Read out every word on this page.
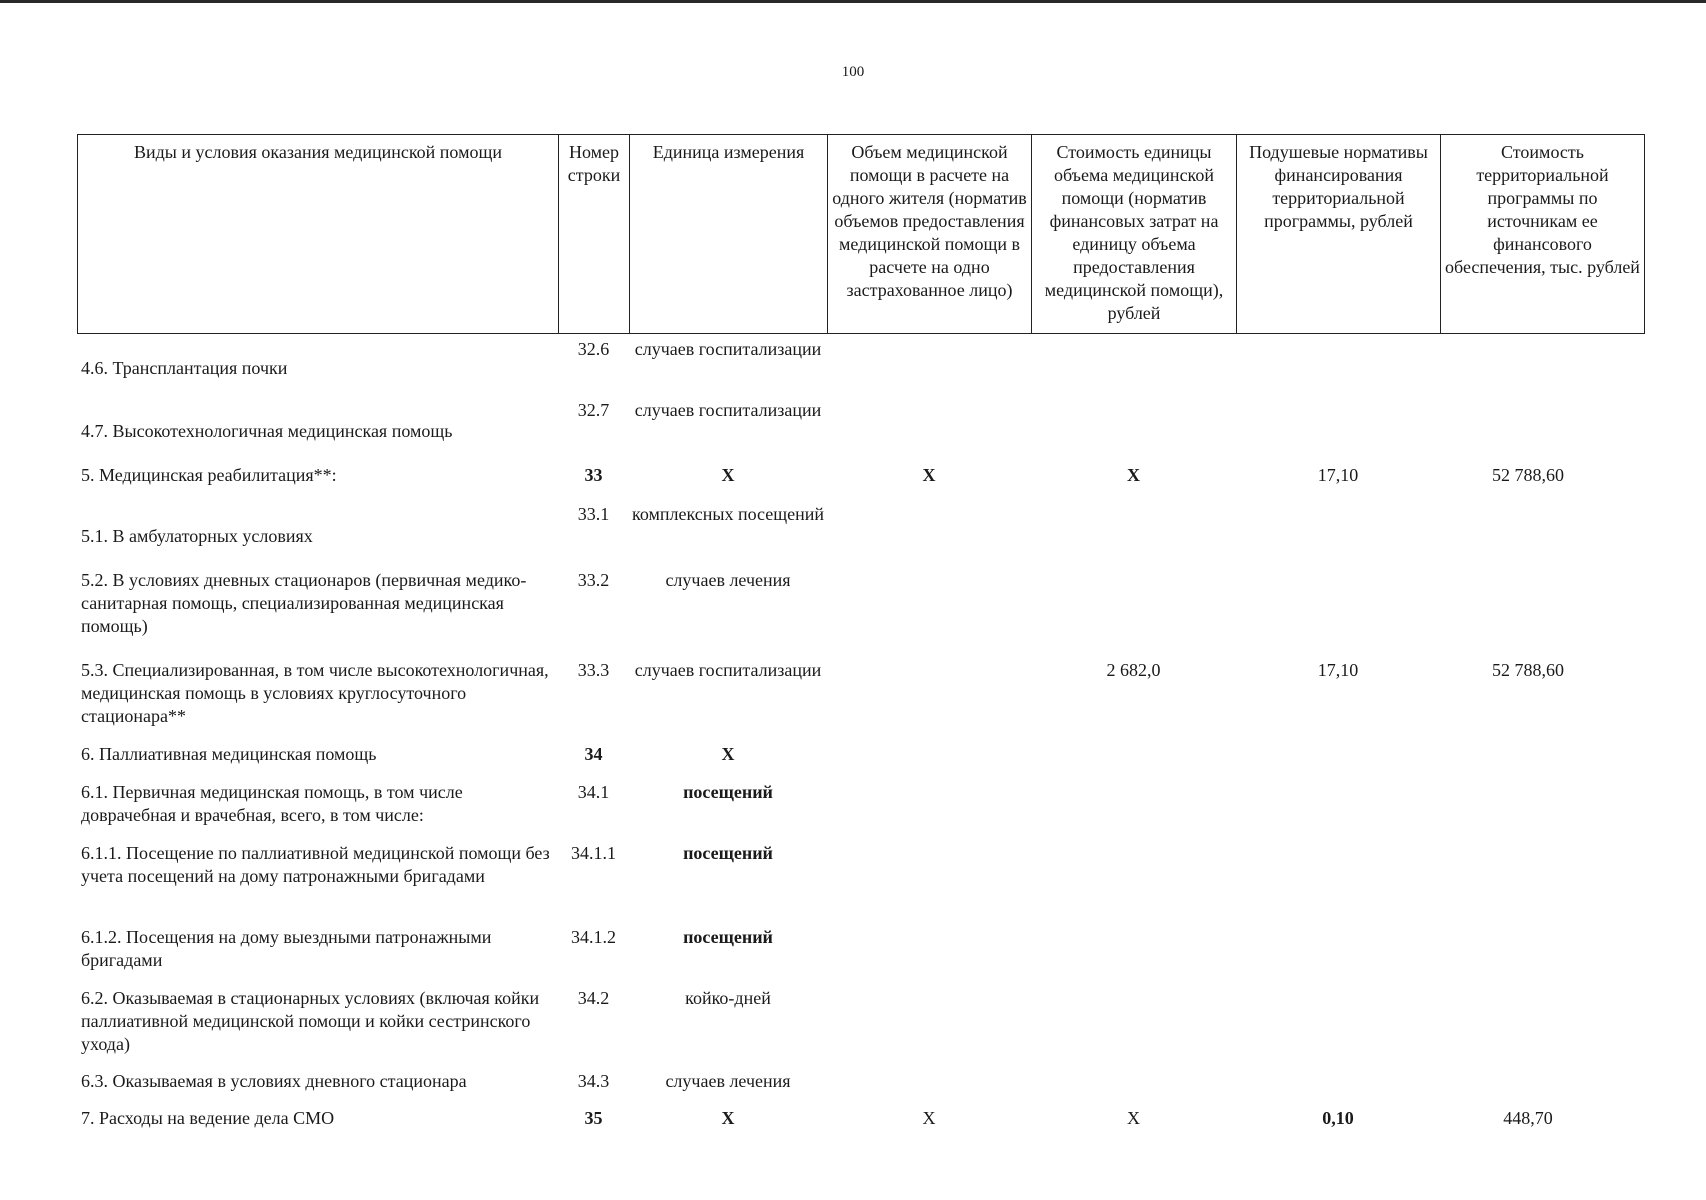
100
Виды и условия оказания медицинской помощи	Номер строки	Единица измерения	Объем медицинской помощи в расчете на одного жителя (норматив объемов предоставления медицинской помощи в расчете на одно застрахованное лицо)	Стоимость единицы объема медицинской помощи (норматив финансовых затрат на единицу объема предоставления медицинской помощи), рублей	Подушевые нормативы финансирования территориальной программы, рублей	Стоимость территориальной программы по источникам ее финансового обеспечения, тыс. рублей
4.6. Трансплантация почки	32.6	случаев госпитализации				
4.7. Высокотехнологичная медицинская помощь	32.7	случаев госпитализации				
5. Медицинская реабилитация**:	33	X	X	X	17,10	52 788,60
5.1. В амбулаторных условиях	33.1	комплексных посещений				
5.2. В условиях дневных стационаров (первичная медико-санитарная помощь, специализированная медицинская помощь)	33.2	случаев лечения				
5.3. Специализированная, в том числе высокотехнологичная, медицинская помощь в условиях круглосуточного стационара**	33.3	случаев госпитализации		2 682,0	17,10	52 788,60
6. Паллиативная медицинская помощь	34	X				
6.1. Первичная медицинская помощь, в том числе доврачебная и врачебная, всего, в том числе:	34.1	посещений				
6.1.1. Посещение по паллиативной медицинской помощи без учета посещений на дому патронажными бригадами	34.1.1	посещений				
6.1.2. Посещения на дому выездными патронажными бригадами	34.1.2	посещений				
6.2. Оказываемая в стационарных условиях (включая койки паллиативной медицинской помощи и койки сестринского ухода)	34.2	койко-дней				
6.3. Оказываемая в условиях дневного стационара	34.3	случаев лечения				
7. Расходы на ведение дела СМО	35	X	X	X	0,10	448,70
